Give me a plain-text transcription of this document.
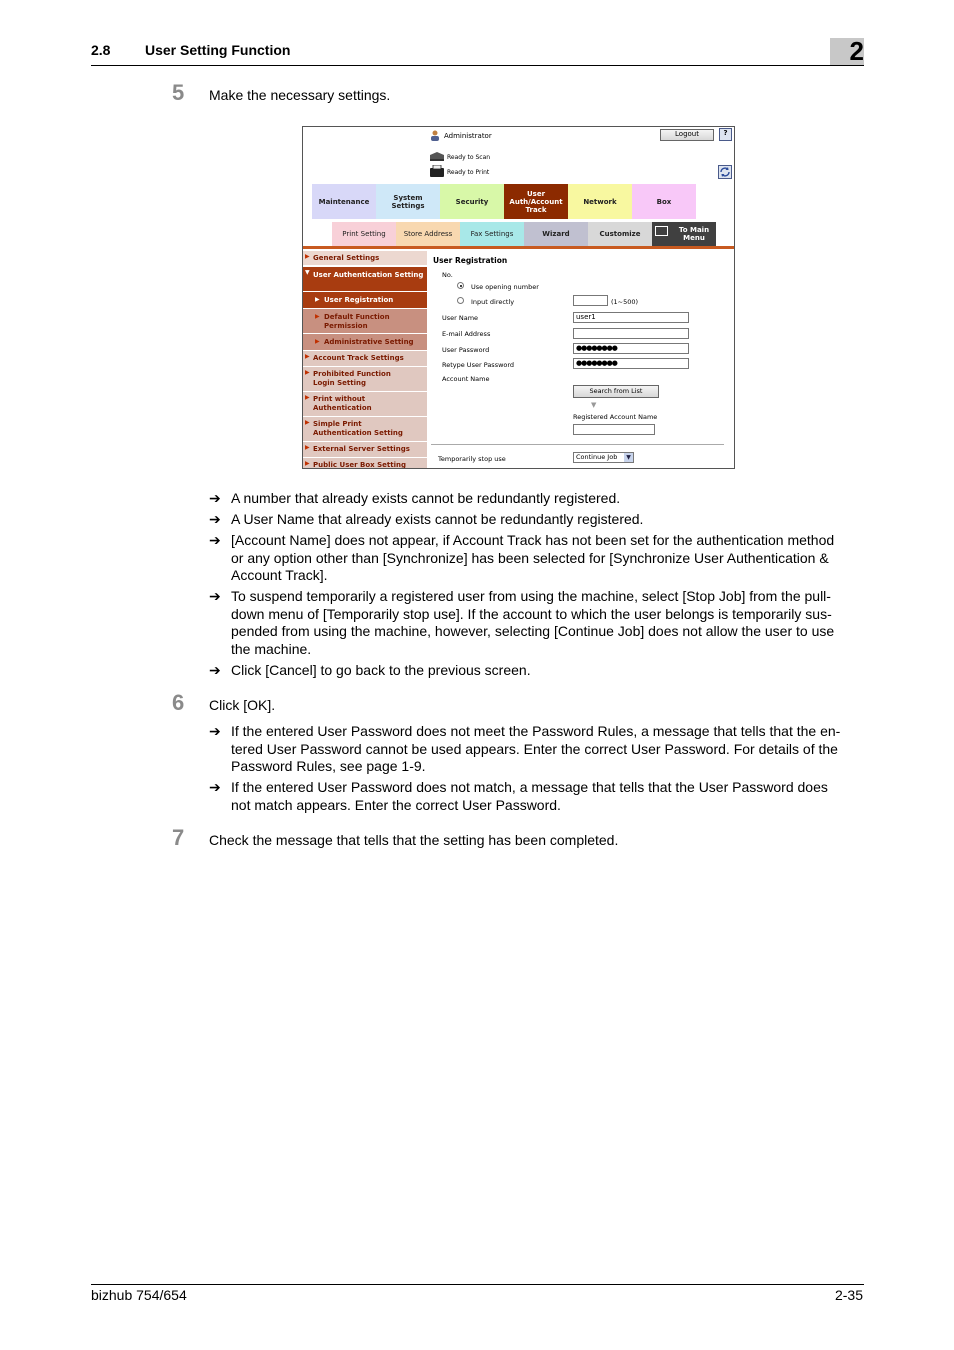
2.8 User Setting Function	2
5 Make the necessary settings.
Administrator	Logout	?
Ready to Scan
Ready to Print
Maintenance	System Settings	Security
User Auth/Account Track
Network	Box
Print Setting	Store Address	Fax Settings	Wizard	Customize	To Main Menu
▶ General Settings
▼ User Authentication Setting
▶ User Registration
▶ Default Function Permission
▶ Administrative Setting
▶ Account Track Settings
▶ Prohibited Function Login Setting
▶ Print without Authentication
▶ Simple Print Authentication Setting
▶ External Server Settings
▶ Public User Box Setting
User Registration
No.
Use opening number
Input directly	(1~500)
User Name	user1
E-mail Address
User Password	●●●●●●●●
Retype User Password	●●●●●●●●
Account Name
Search from List
▼
Registered Account Name
Temporarily stop use	Continue Job	▼
➔ A number that already exists cannot be redundantly registered.
➔ A User Name that already exists cannot be redundantly registered.
➔ [Account Name] does not appear, if Account Track has not been set for the authentication method
or any option other than [Synchronize] has been selected for [Synchronize User Authentication &
Account Track].
➔ To suspend temporarily a registered user from using the machine, select [Stop Job] from the pull-
down menu of [Temporarily stop use]. If the account to which the user belongs is temporarily sus-
pended from using the machine, however, selecting [Continue Job] does not allow the user to use
the machine.
➔ Click [Cancel] to go back to the previous screen.
6 Click [OK].
➔ If the entered User Password does not meet the Password Rules, a message that tells that the en-
tered User Password cannot be used appears. Enter the correct User Password. For details of the
Password Rules, see page 1-9.
➔ If the entered User Password does not match, a message that tells that the User Password does
not match appears. Enter the correct User Password.
7 Check the message that tells that the setting has been completed.
bizhub 754/654	2-35
